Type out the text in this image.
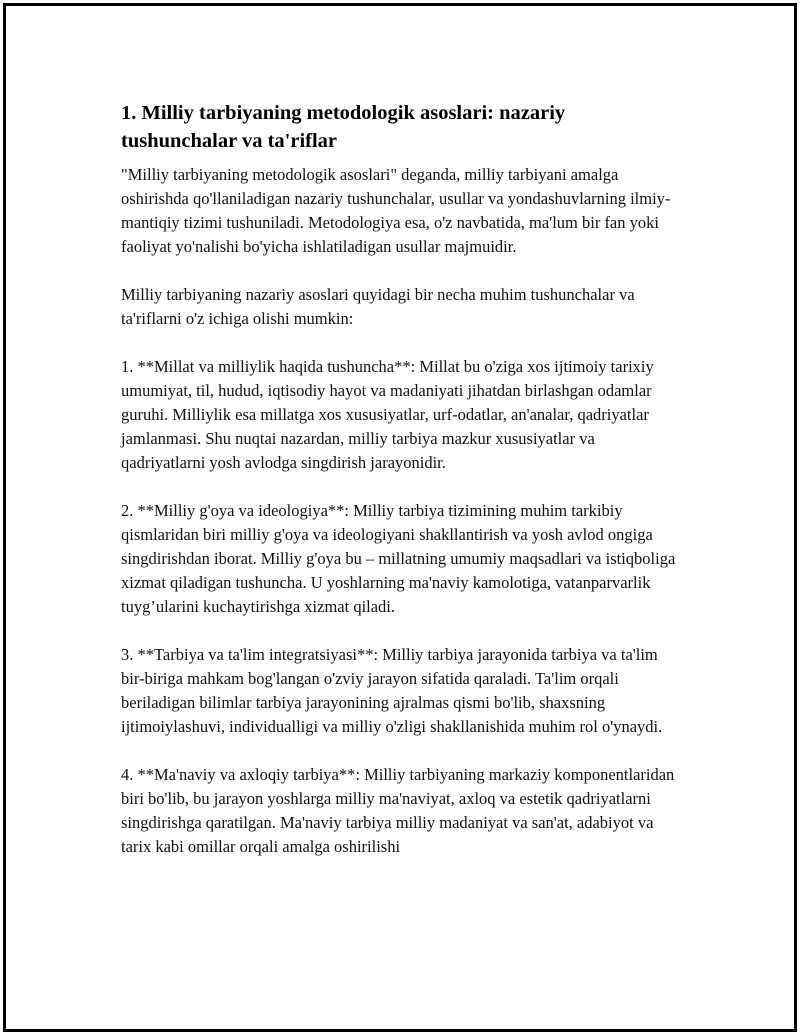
1. Milliy tarbiyaning metodologik asoslari: nazariy tushunchalar va ta'riflar

"Milliy tarbiyaning metodologik asoslari" deganda, milliy tarbiyani amalga oshirishda qo'llaniladigan nazariy tushunchalar, usullar va yondashuvlarning ilmiy-mantiqiy tizimi tushuniladi. Metodologiya esa, o'z navbatida, ma'lum bir fan yoki faoliyat yo'nalishi bo'yicha ishlatiladigan usullar majmuidir.

Milliy tarbiyaning nazariy asoslari quyidagi bir necha muhim tushunchalar va ta'riflarni o'z ichiga olishi mumkin:

1. **Millat va milliylik haqida tushuncha**: Millat bu o'ziga xos ijtimoiy tarixiy umumiyat, til, hudud, iqtisodiy hayot va madaniyati jihatdan birlashgan odamlar guruhi. Milliylik esa millatga xos xususiyatlar, urf-odatlar, an'analar, qadriyatlar jamlanmasi. Shu nuqtai nazardan, milliy tarbiya mazkur xususiyatlar va qadriyatlarni yosh avlodga singdirish jarayonidir.

2. **Milliy g'oya va ideologiya**: Milliy tarbiya tizimining muhim tarkibiy qismlaridan biri milliy g'oya va ideologiyani shakllantirish va yosh avlod ongiga singdirishdan iborat. Milliy g'oya bu – millatning umumiy maqsadlari va istiqboliga xizmat qiladigan tushuncha. U yoshlarning ma'naviy kamolotiga, vatanparvarlik tuyg’ularini kuchaytirishga xizmat qiladi.

3. **Tarbiya va ta'lim integratsiyasi**: Milliy tarbiya jarayonida tarbiya va ta'lim bir-biriga mahkam bog'langan o'zviy jarayon sifatida qaraladi. Ta'lim orqali beriladigan bilimlar tarbiya jarayonining ajralmas qismi bo'lib, shaxsning ijtimoiylashuvi, individualligi va milliy o'zligi shakllanishida muhim rol o'ynaydi.

4. **Ma'naviy va axloqiy tarbiya**: Milliy tarbiyaning markaziy komponentlaridan biri bo'lib, bu jarayon yoshlarga milliy ma'naviyat, axloq va estetik qadriyatlarni singdirishga qaratilgan. Ma'naviy tarbiya milliy madaniyat va san'at, adabiyot va tarix kabi omillar orqali amalga oshirilishi
